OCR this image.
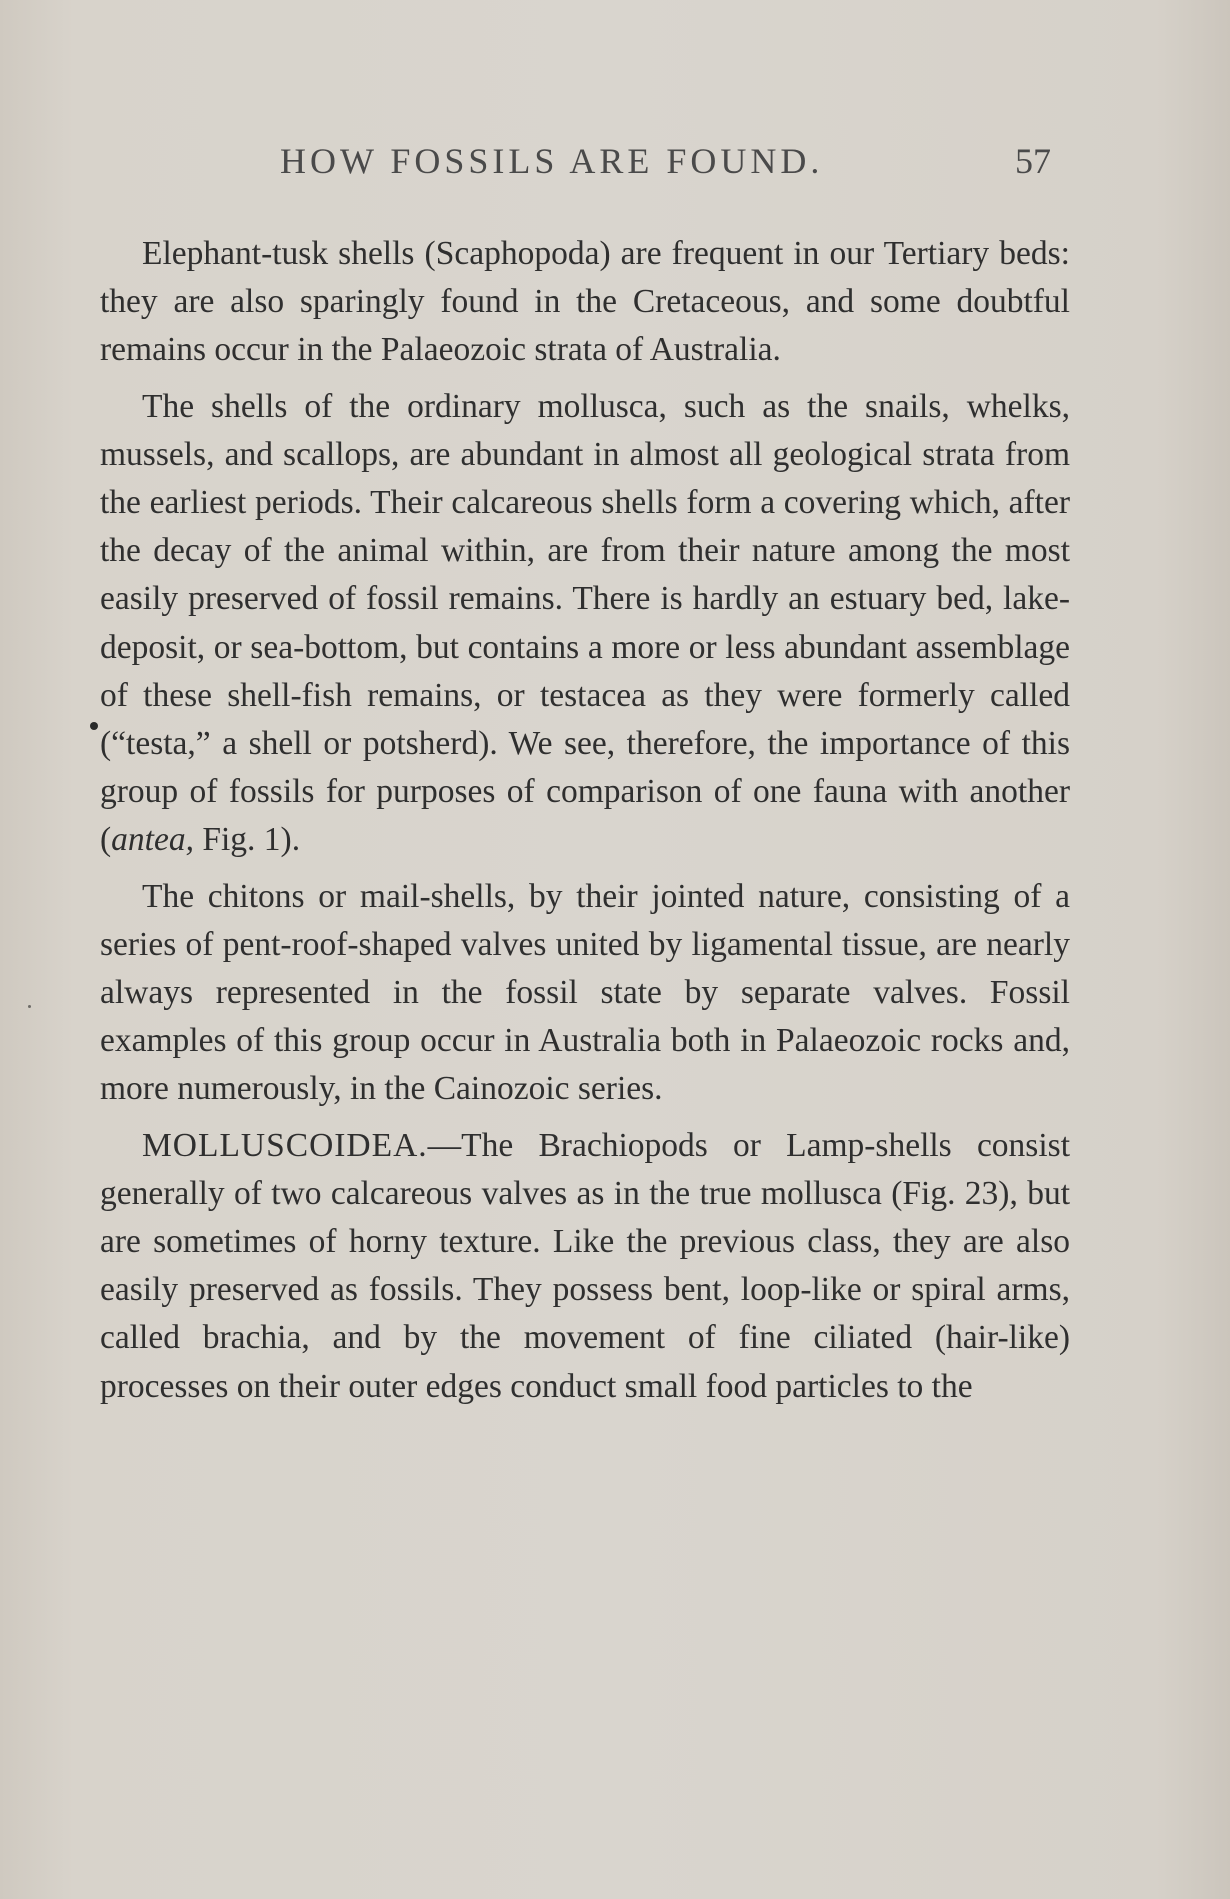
HOW FOSSILS ARE FOUND.	57

Elephant-tusk shells (Scaphopoda) are frequent in our Tertiary beds: they are also sparingly found in the Cretaceous, and some doubtful remains occur in the Palaeozoic strata of Australia.

The shells of the ordinary mollusca, such as the snails, whelks, mussels, and scallops, are abundant in almost all geological strata from the earliest periods. Their calcareous shells form a covering which, after the decay of the animal within, are from their nature among the most easily preserved of fossil remains. There is hardly an estuary bed, lake-deposit, or sea-bottom, but contains a more or less abundant assemblage of these shell-fish remains, or testacea as they were formerly called (“testa,” a shell or potsherd). We see, therefore, the importance of this group of fossils for purposes of comparison of one fauna with another (antea, Fig. 1).

The chitons or mail-shells, by their jointed nature, consisting of a series of pent-roof-shaped valves united by ligamental tissue, are nearly always represented in the fossil state by separate valves. Fossil examples of this group occur in Australia both in Palaeozoic rocks and, more numerously, in the Cainozoic series.

MOLLUSCOIDEA.—The Brachiopods or Lamp-shells consist generally of two calcareous valves as in the true mollusca (Fig. 23), but are sometimes of horny texture. Like the previous class, they are also easily preserved as fossils. They possess bent, loop-like or spiral arms, called brachia, and by the movement of fine ciliated (hair-like) processes on their outer edges conduct small food particles to the
